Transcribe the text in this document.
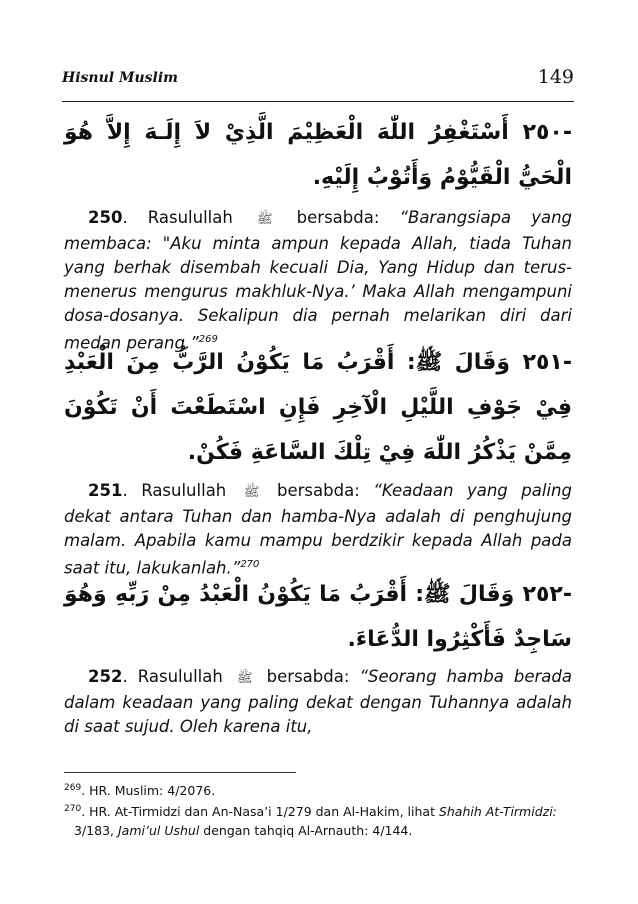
Hisnul Muslim	149
-٢٥٠ أَسْتَغْفِرُ اللّٰهَ الْعَظِيْمَ الَّذِيْ لاَ إِلَـهَ إِلاَّ هُوَ الْحَيُّ الْقَيُّوْمُ وَأَتُوْبُ إِلَيْهِ.
250. Rasulullah ﷺ bersabda: “Barangsiapa yang membaca: "Aku minta ampun kepada Allah, tiada Tuhan yang berhak disembah kecuali Dia, Yang Hidup dan terus-menerus mengurus makhluk-Nya.’ Maka Allah mengampuni dosa-dosanya. Sekalipun dia pernah melarikan diri dari medan perang.”$^{269}$
-٢٥١ وَقَالَ ﷺ: أَقْرَبُ مَا يَكُوْنُ الرَّبُّ مِنَ الْعَبْدِ فِيْ جَوْفِ اللَّيْلِ الْآخِرِ فَإِنِ اسْتَطَعْتَ أَنْ تَكُوْنَ مِمَّنْ يَذْكُرُ اللّٰهَ فِيْ تِلْكَ السَّاعَةِ فَكُنْ.
251. Rasulullah ﷺ bersabda: “Keadaan yang paling dekat antara Tuhan dan hamba-Nya adalah di penghujung malam. Apabila kamu mampu berdzikir kepada Allah pada saat itu, lakukanlah.”$^{270}$
-٢٥٢ وَقَالَ ﷺ: أَقْرَبُ مَا يَكُوْنُ الْعَبْدُ مِنْ رَبِّهِ وَهُوَ سَاجِدٌ فَأَكْثِرُوا الدُّعَاءَ.
252. Rasulullah ﷺ bersabda: “Seorang hamba berada dalam keadaan yang paling dekat dengan Tuhannya adalah di saat sujud. Oleh karena itu,

$^{269}$. HR. Muslim: 4/2076.

$^{270}$. HR. At-Tirmidzi dan An-Nasa’i 1/279 dan Al-Hakim, lihat Shahih At-Tirmidzi: 3/183, Jami’ul Ushul dengan tahqiq Al-Arnauth: 4/144.
